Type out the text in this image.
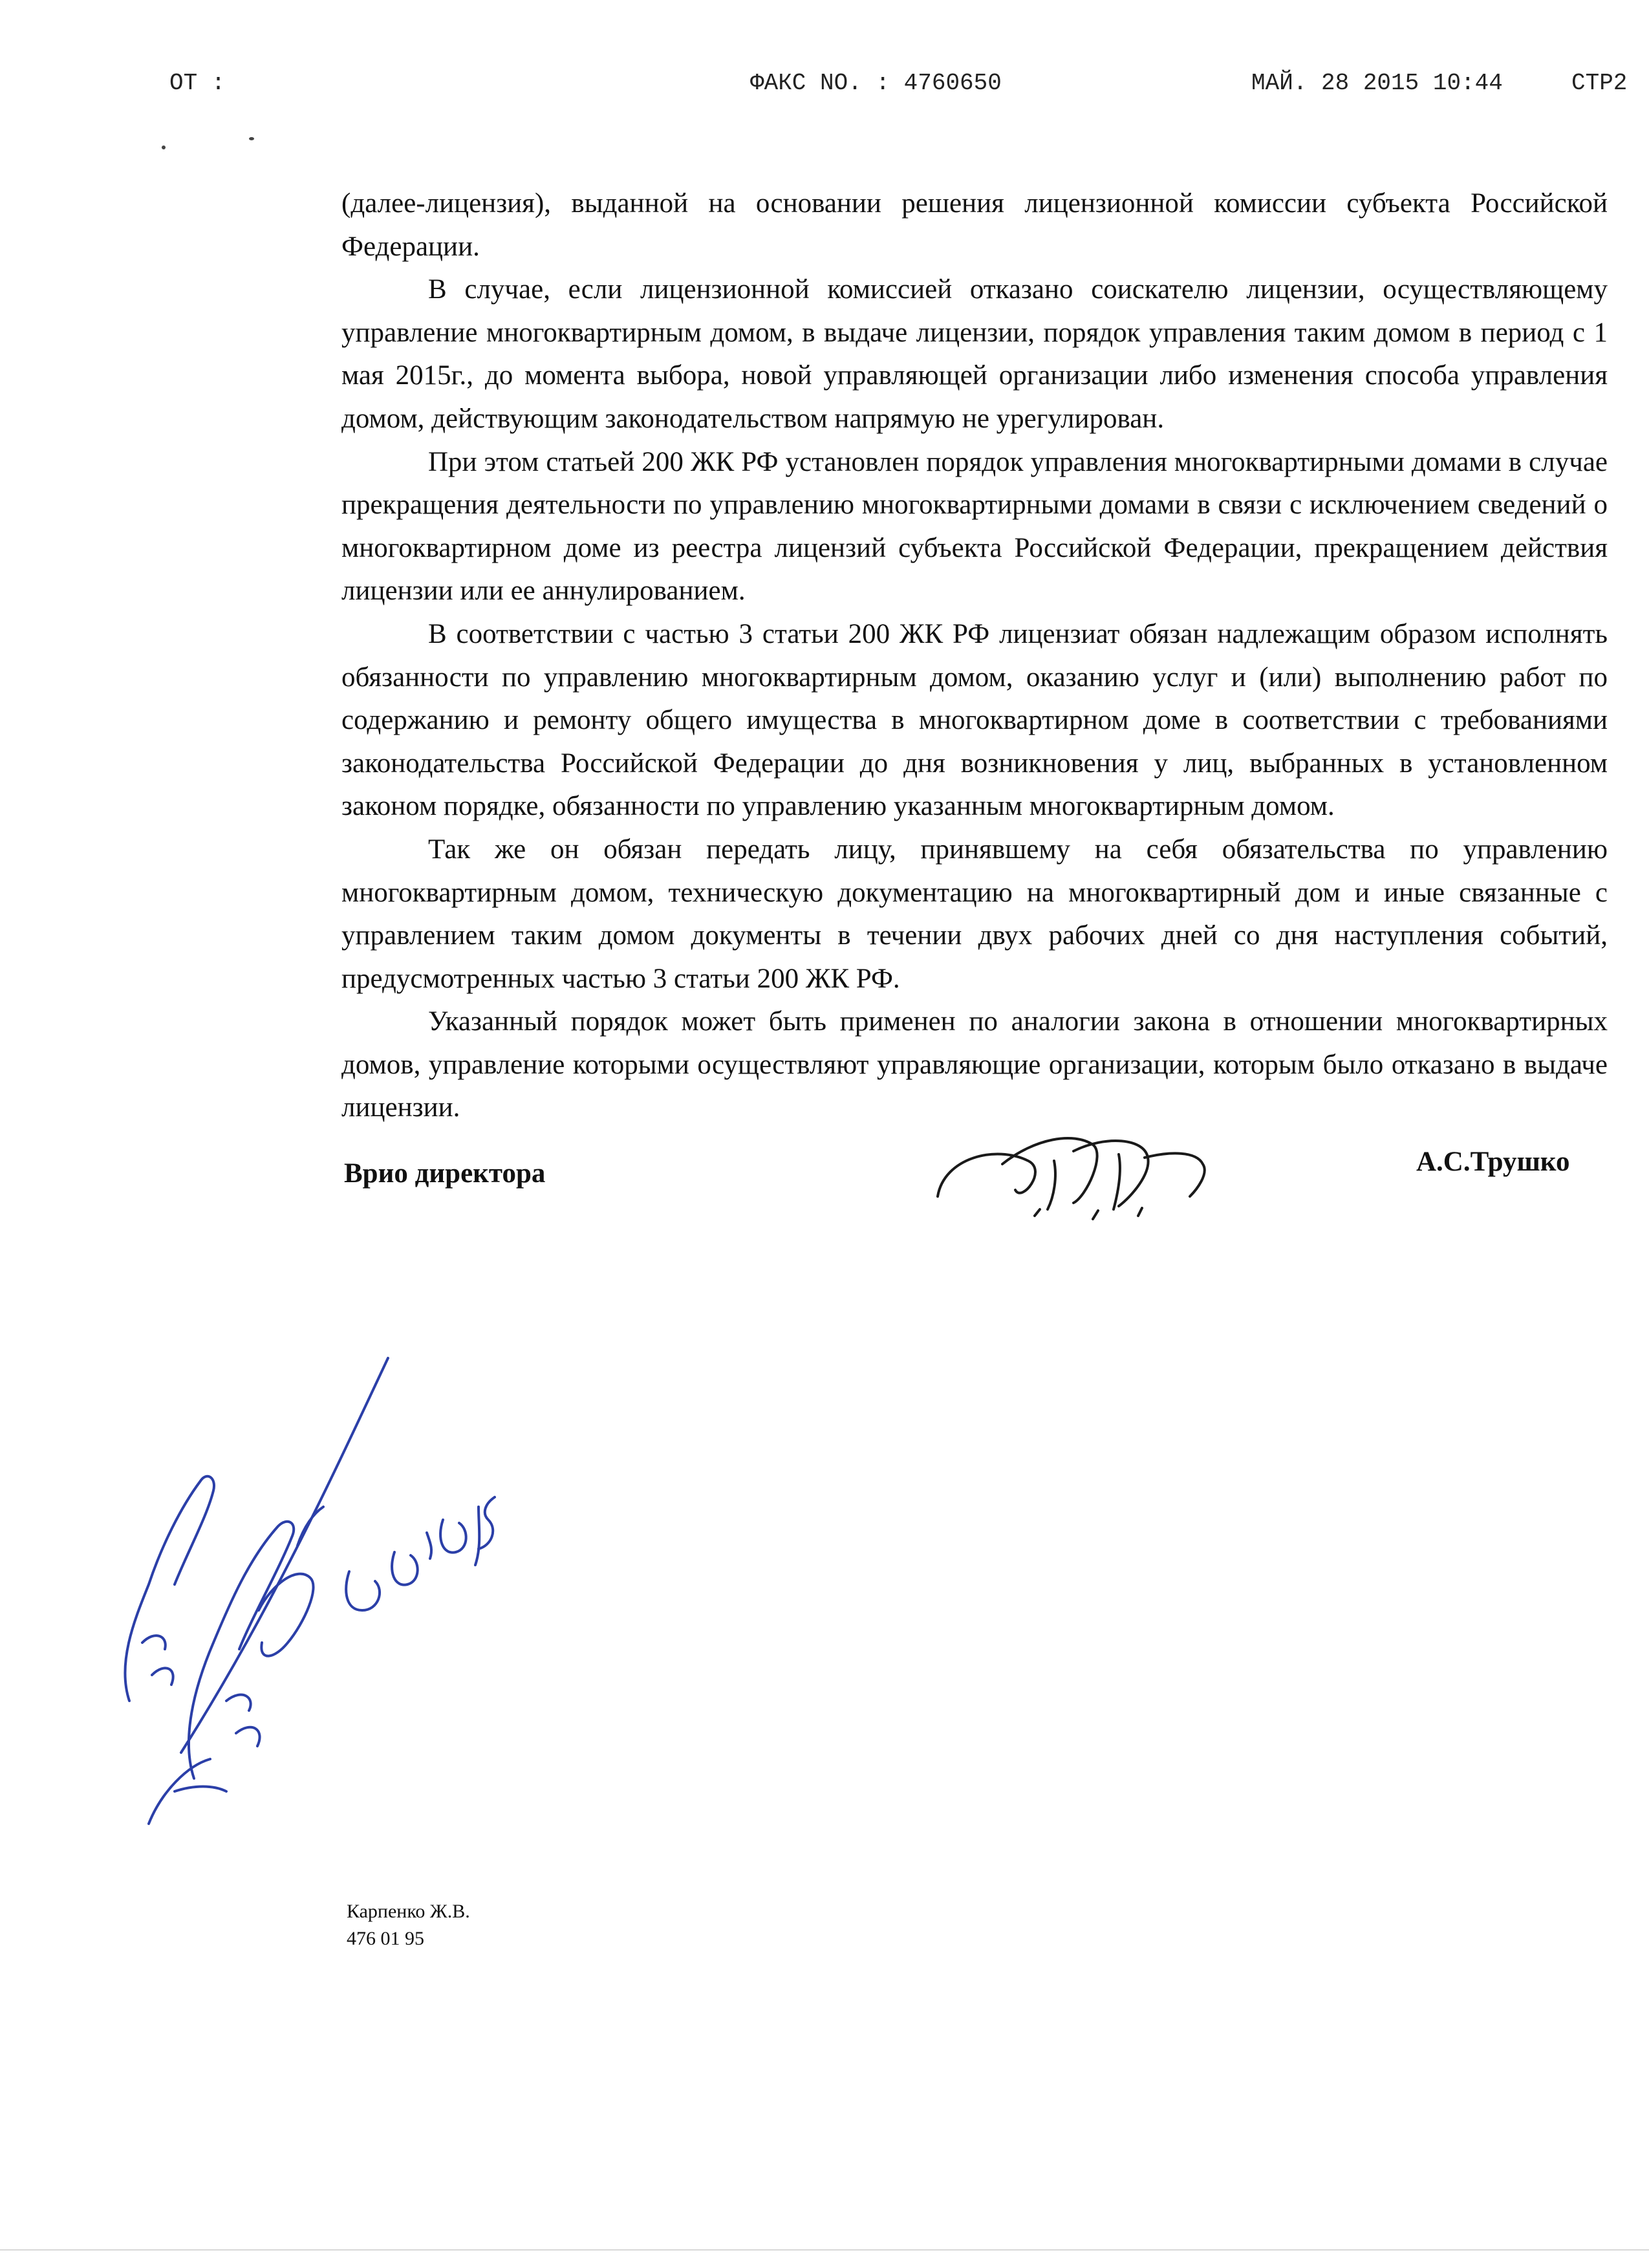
ОТ :	ФАКС NO. : 4760650	МАЙ. 28 2015 10:44	СТР2

(далее-лицензия), выданной на основании решения лицензионной комиссии субъекта Российской Федерации.

В случае, если лицензионной комиссией отказано соискателю лицензии, осуществляющему управление многоквартирным домом, в выдаче лицензии, порядок управления таким домом в период с 1 мая 2015г., до момента выбора, новой управляющей организации либо изменения способа управления домом, действующим законодательством напрямую не урегулирован.

При этом статьей 200 ЖК РФ установлен порядок управления многоквартирными домами в случае прекращения деятельности по управлению многоквартирными домами в связи с исключением сведений о многоквартирном доме из реестра лицензий субъекта Российской Федерации, прекращением действия лицензии или ее аннулированием.

В соответствии с частью 3 статьи 200 ЖК РФ лицензиат обязан надлежащим образом исполнять обязанности по управлению многоквартирным домом, оказанию услуг и (или) выполнению работ по содержанию и ремонту общего имущества в многоквартирном доме в соответствии с требованиями законодательства Российской Федерации до дня возникновения у лиц, выбранных в установленном законом порядке, обязанности по управлению указанным многоквартирным домом.

Так же он обязан передать лицу, принявшему на себя обязательства по управлению многоквартирным домом, техническую документацию на многоквартирный дом и иные связанные с управлением таким домом документы в течении двух рабочих дней со дня наступления событий, предусмотренных частью 3 статьи 200 ЖК РФ.

Указанный порядок может быть применен по аналогии закона в отношении многоквартирных домов, управление которыми осуществляют управляющие организации, которым было отказано в выдаче лицензии.

Врио директора	А.С.Трушко
Карпенко Ж.В.
476 01 95
